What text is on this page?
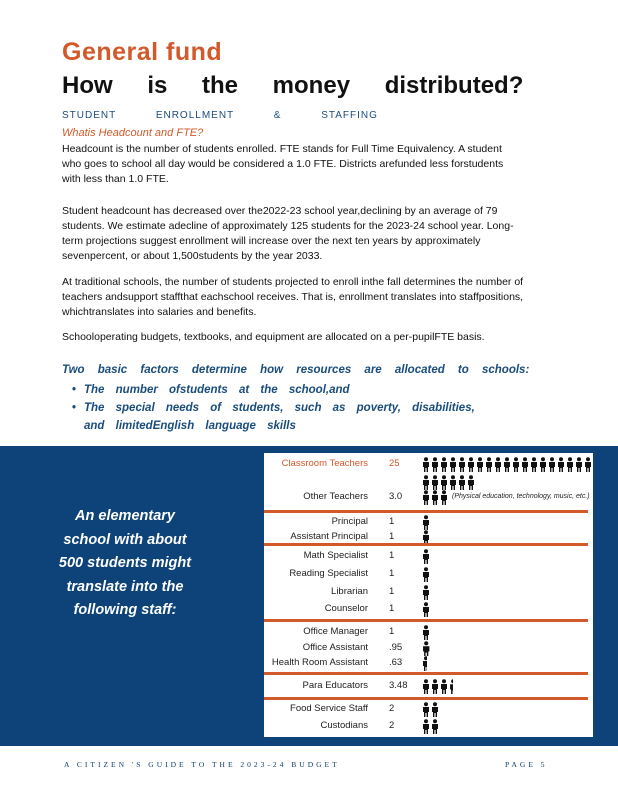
General fund
How is the money distributed?
STUDENT ENROLLMENT & STAFFING
Whatis Headcount and FTE?

Headcount is the number of students enrolled. FTE stands for Full Time Equivalency. A student who goes to school all day would be considered a 1.0 FTE. Districts arefunded less forstudents with less than 1.0 FTE.

Student headcount has decreased over the2022-23 school year,declining by an average of 79 students. We estimate adecline of approximately 125 students for the 2023-24 school year. Long-term projections suggest enrollment will increase over the next ten years by approximately sevenpercent, or about 1,500students by the year 2033.

At traditional schools, the number of students projected to enroll inthe fall determines the number of teachers andsupport staffthat eachschool receives. That is, enrollment translates into staffpositions, whichtranslates into salaries and benefits.

Schooloperating budgets, textbooks, and equipment are allocated on a per-pupilFTE basis.

Two basic factors determine how resources are allocated to schools:
• The number ofstudents at the school,and
• The special needs of students, such as poverty, disabilities, and limitedEnglish language skills
An elementary school with about 500 students might translate into the following staff:
Classroom Teachers 25
Other Teachers 3.0	(Physical education, technology, music, etc.)
Principal 1
Assistant Principal 1
Math Specialist 1
Reading Specialist 1
Librarian 1
Counselor 1
Office Manager 1
Office Assistant .95
Health Room Assistant .63
Para Educators 3.48
Food Service Staff 2
Custodians 2
A CITIZEN 'S GUIDE TO THE 2023-24 BUDGET	PAGE 5
